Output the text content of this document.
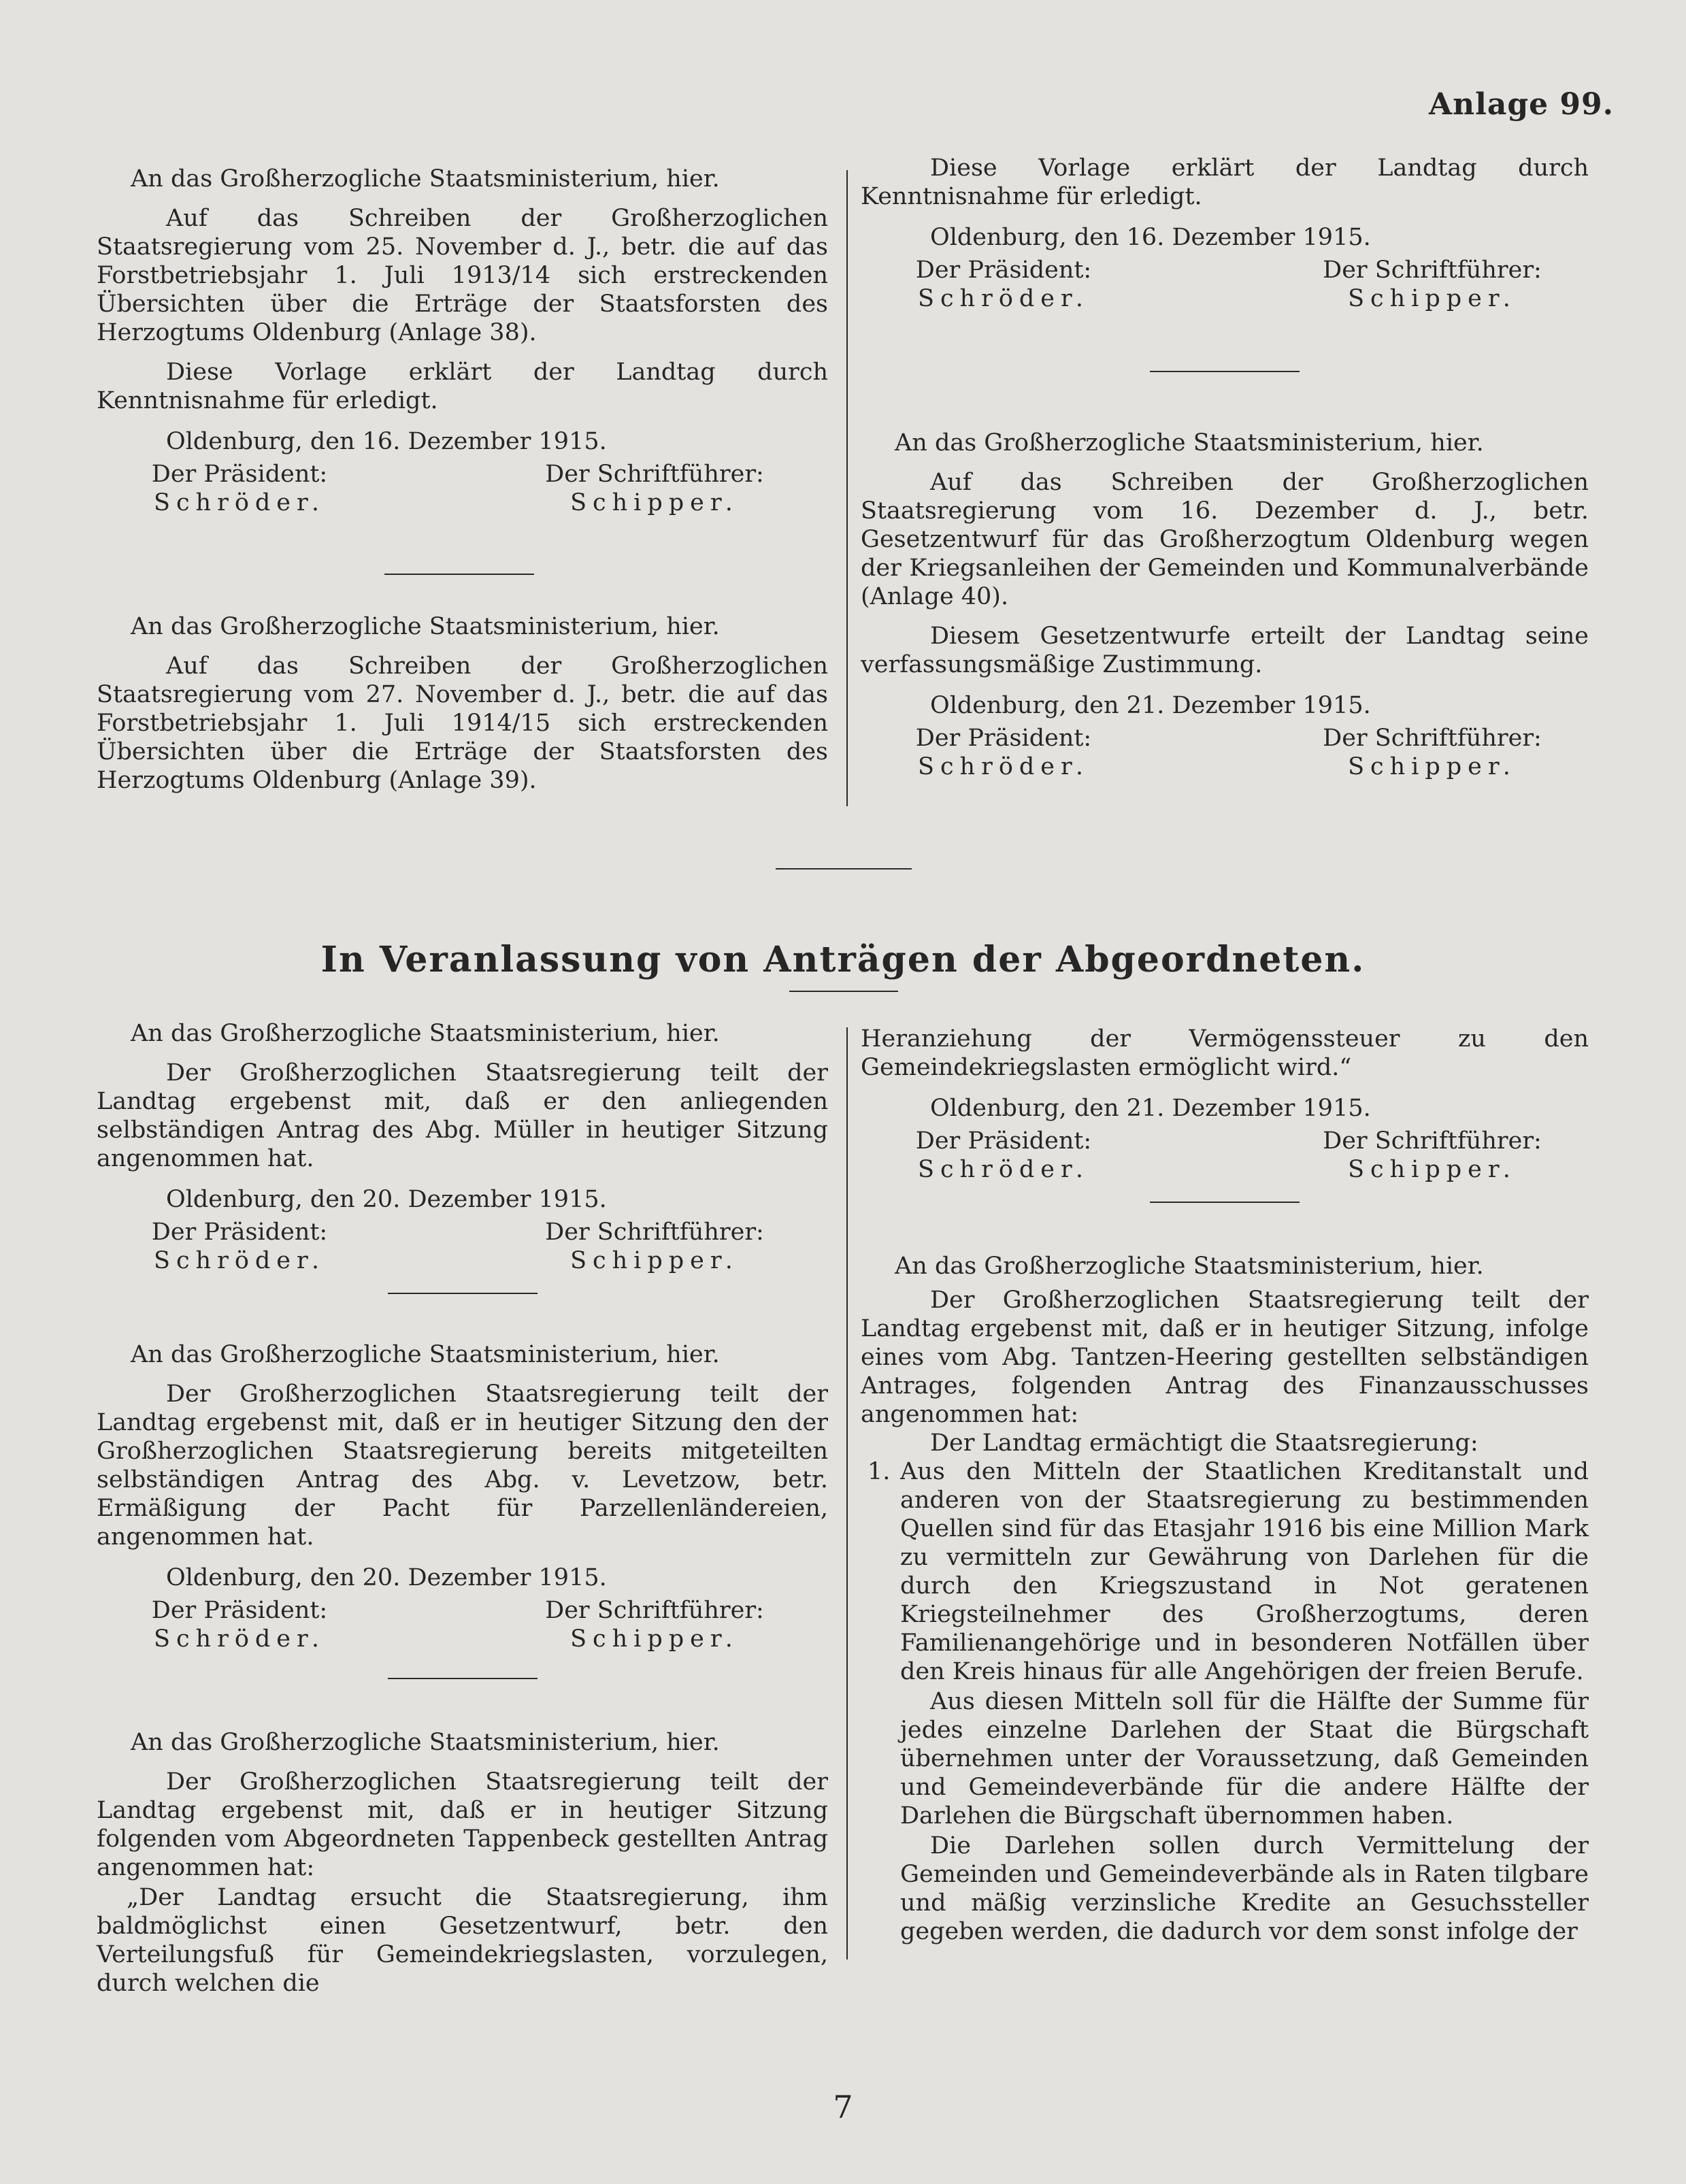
Anlage 99.
An das Großherzogliche Staatsministerium, hier.
Auf das Schreiben der Großherzoglichen Staatsregierung vom 25. November d. J., betr. die auf das Forstbetriebsjahr 1. Juli 1913/14 sich erstreckenden Übersichten über die Erträge der Staatsforsten des Herzogtums Oldenburg (Anlage 38).
Diese Vorlage erklärt der Landtag durch Kenntnisnahme für erledigt.
Oldenburg, den 16. Dezember 1915.
Der Präsident:
Schröder.
Der Schriftführer:
Schipper.
An das Großherzogliche Staatsministerium, hier.
Auf das Schreiben der Großherzoglichen Staatsregierung vom 27. November d. J., betr. die auf das Forstbetriebsjahr 1. Juli 1914/15 sich erstreckenden Übersichten über die Erträge der Staatsforsten des Herzogtums Oldenburg (Anlage 39).
Diese Vorlage erklärt der Landtag durch Kenntnisnahme für erledigt.
Oldenburg, den 16. Dezember 1915.
Der Präsident:
Schröder.
Der Schriftführer:
Schipper.
An das Großherzogliche Staatsministerium, hier.
Auf das Schreiben der Großherzoglichen Staatsregierung vom 16. Dezember d. J., betr. Gesetzentwurf für das Großherzogtum Oldenburg wegen der Kriegsanleihen der Gemeinden und Kommunalverbände (Anlage 40).
Diesem Gesetzentwurfe erteilt der Landtag seine verfassungsmäßige Zustimmung.
Oldenburg, den 21. Dezember 1915.
Der Präsident:
Schröder.
Der Schriftführer:
Schipper.
In Veranlassung von Anträgen der Abgeordneten.
An das Großherzogliche Staatsministerium, hier.
Der Großherzoglichen Staatsregierung teilt der Landtag ergebenst mit, daß er den anliegenden selbständigen Antrag des Abg. Müller in heutiger Sitzung angenommen hat.
Oldenburg, den 20. Dezember 1915.
Der Präsident:
Schröder.
Der Schriftführer:
Schipper.
An das Großherzogliche Staatsministerium, hier.
Der Großherzoglichen Staatsregierung teilt der Landtag ergebenst mit, daß er in heutiger Sitzung den der Großherzoglichen Staatsregierung bereits mitgeteilten selbständigen Antrag des Abg. v. Levetzow, betr. Ermäßigung der Pacht für Parzellenländereien, angenommen hat.
Oldenburg, den 20. Dezember 1915.
Der Präsident:
Schröder.
Der Schriftführer:
Schipper.
An das Großherzogliche Staatsministerium, hier.
Der Großherzoglichen Staatsregierung teilt der Landtag ergebenst mit, daß er in heutiger Sitzung folgenden vom Abgeordneten Tappenbeck gestellten Antrag angenommen hat:
„Der Landtag ersucht die Staatsregierung, ihm baldmöglichst einen Gesetzentwurf, betr. den Verteilungsfuß für Gemeindekriegslasten, vorzulegen, durch welchen die
Heranziehung der Vermögenssteuer zu den Gemeindekriegslasten ermöglicht wird.“
Oldenburg, den 21. Dezember 1915.
Der Präsident:
Schröder.
Der Schriftführer:
Schipper.
An das Großherzogliche Staatsministerium, hier.
Der Großherzoglichen Staatsregierung teilt der Landtag ergebenst mit, daß er in heutiger Sitzung, infolge eines vom Abg. Tantzen-Heering gestellten selbständigen Antrages, folgenden Antrag des Finanzausschusses angenommen hat:
Der Landtag ermächtigt die Staatsregierung:
1. Aus den Mitteln der Staatlichen Kreditanstalt und anderen von der Staatsregierung zu bestimmenden Quellen sind für das Etasjahr 1916 bis eine Million Mark zu vermitteln zur Gewährung von Darlehen für die durch den Kriegszustand in Not geratenen Kriegsteilnehmer des Großherzogtums, deren Familienangehörige und in besonderen Notfällen über den Kreis hinaus für alle Angehörigen der freien Berufe.
Aus diesen Mitteln soll für die Hälfte der Summe für jedes einzelne Darlehen der Staat die Bürgschaft übernehmen unter der Voraussetzung, daß Gemeinden und Gemeindeverbände für die andere Hälfte der Darlehen die Bürgschaft übernommen haben.
Die Darlehen sollen durch Vermittelung der Gemeinden und Gemeindeverbände als in Raten tilgbare und mäßig verzinsliche Kredite an Gesuchssteller gegeben werden, die dadurch vor dem sonst infolge der
7
